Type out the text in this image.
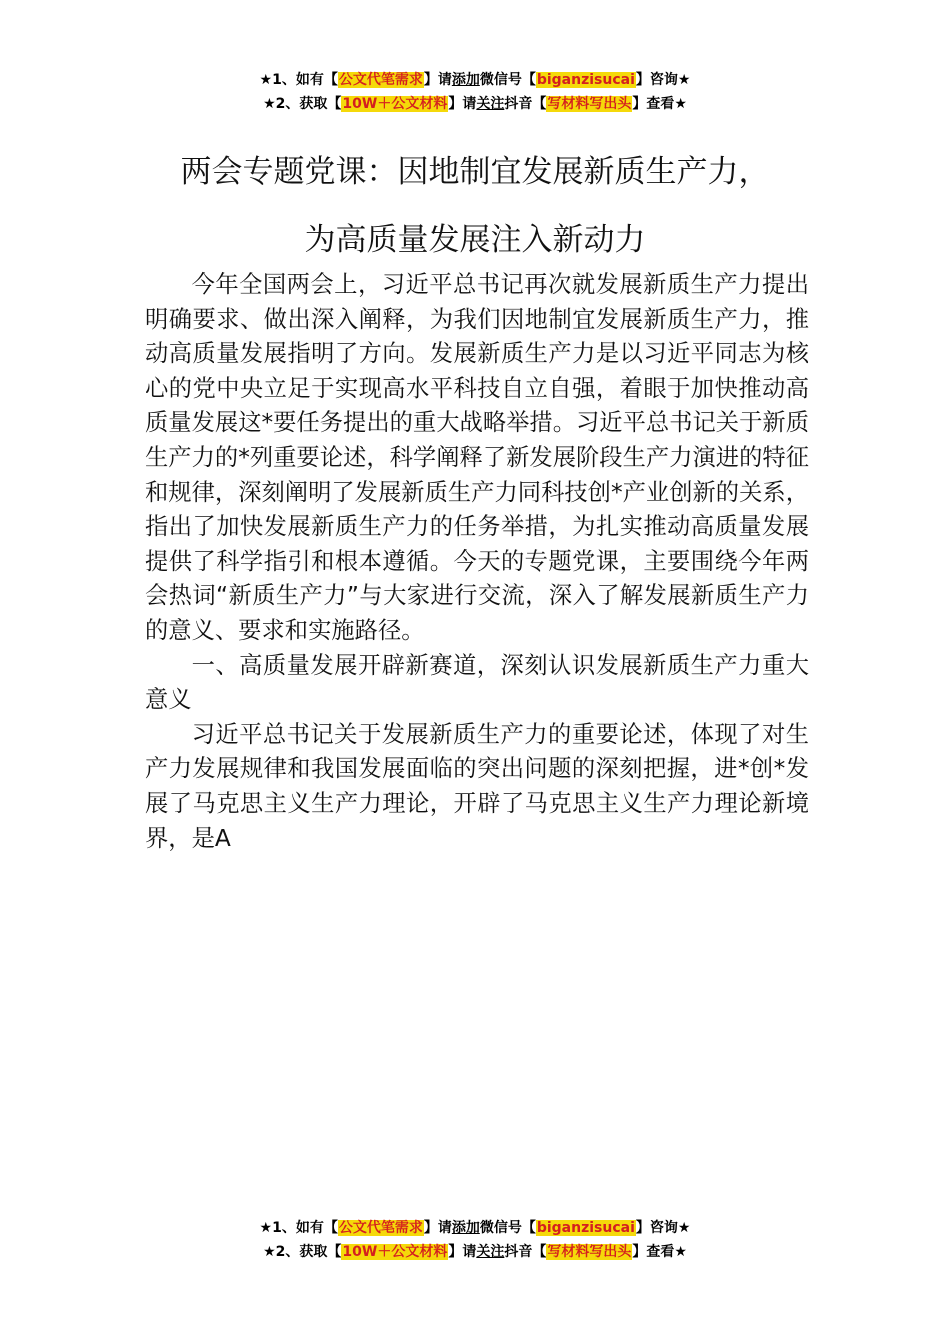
★1、如有【公文代笔需求】请添加微信号【biganzisucai】咨询★
★2、获取【10W＋公文材料】请关注抖音【写材料写出头】查看★
两会专题党课：因地制宜发展新质生产力，
为高质量发展注入新动力

今年全国两会上，习近平总书记再次就发展新质生产力提出明确要求、做出深入阐释，为我们因地制宜发展新质生产力，推动高质量发展指明了方向。发展新质生产力是以习近平同志为核心的党中央立足于实现高水平科技自立自强，着眼于加快推动高质量发展这*要任务提出的重大战略举措。习近平总书记关于新质生产力的*列重要论述，科学阐释了新发展阶段生产力演进的特征和规律，深刻阐明了发展新质生产力同科技创*产业创新的关系，指出了加快发展新质生产力的任务举措，为扎实推动高质量发展提供了科学指引和根本遵循。今天的专题党课，主要围绕今年两会热词“新质生产力”与大家进行交流，深入了解发展新质生产力的意义、要求和实施路径。

一、高质量发展开辟新赛道，深刻认识发展新质生产力重大意义

习近平总书记关于发展新质生产力的重要论述，体现了对生产力发展规律和我国发展面临的突出问题的深刻把握，进*创*发展了马克思主义生产力理论，开辟了马克思主义生产力理论新境界，是A

★1、如有【公文代笔需求】请添加微信号【biganzisucai】咨询★
★2、获取【10W＋公文材料】请关注抖音【写材料写出头】查看★
